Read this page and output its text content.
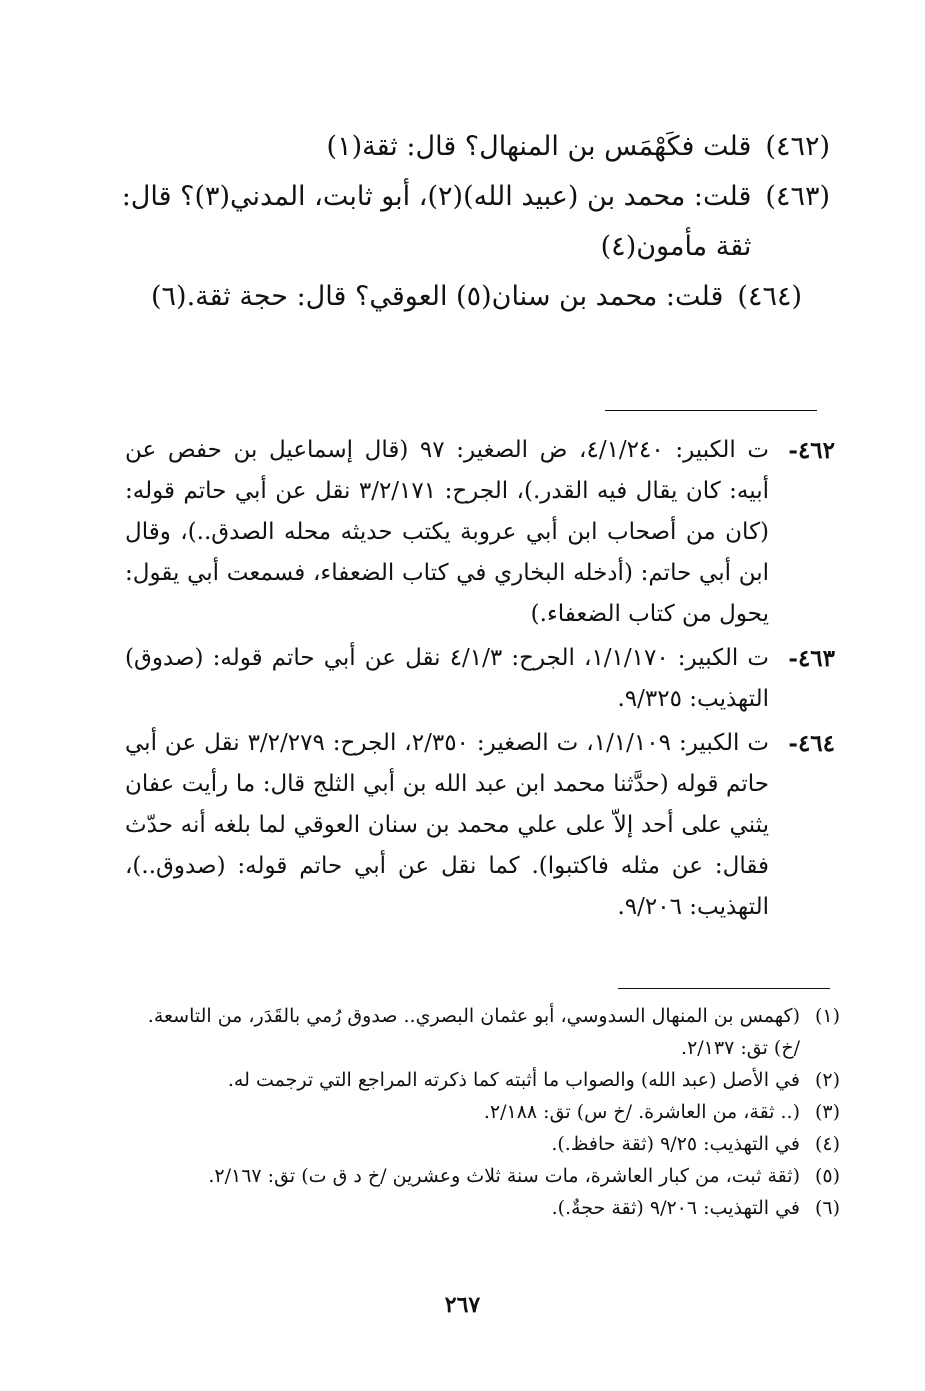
(٤٦٢)
قلت فكَهْمَس بن المنهال؟ قال: ثقة(١)
(٤٦٣)
قلت: محمد بن (عبيد الله)(٢)، أبو ثابت، المدني(٣)؟ قال: ثقة مأمون(٤)
(٤٦٤)
قلت: محمد بن سنان(٥) العوقي؟ قال: حجة ثقة.(٦)
٤٦٢-
ت الكبير: ٤/١/٢٤٠، ض الصغير: ٩٧ (قال إسماعيل بن حفص عن أبيه: كان يقال فيه القدر.)، الجرح: ٣/٢/١٧١ نقل عن أبي حاتم قوله: (كان من أصحاب ابن أبي عروبة يكتب حديثه محله الصدق..)، وقال ابن أبي حاتم: (أدخله البخاري في كتاب الضعفاء، فسمعت أبي يقول: يحول من كتاب الضعفاء.)
٤٦٣-
ت الكبير: ١/١/١٧٠، الجرح: ٤/١/٣ نقل عن أبي حاتم قوله: (صدوق) التهذيب: ٩/٣٢٥.
٤٦٤-
ت الكبير: ١/١/١٠٩، ت الصغير: ٢/٣٥٠، الجرح: ٣/٢/٢٧٩ نقل عن أبي حاتم قوله (حدَّثنا محمد ابن عبد الله بن أبي الثلج قال: ما رأيت عفان يثني على أحد إلاّ على علي محمد بن سنان العوقي لما بلغه أنه حدّث فقال: عن مثله فاكتبوا). كما نقل عن أبي حاتم قوله: (صدوق..)، التهذيب: ٩/٢٠٦.
(١)
(كهمس بن المنهال السدوسي، أبو عثمان البصري.. صدوق رُمي بالقَدَر، من التاسعة. /خ) تق: ٢/١٣٧.
(٢)
في الأصل (عبد الله) والصواب ما أثبته كما ذكرته المراجع التي ترجمت له.
(٣)
(.. ثقة، من العاشرة. /خ س) تق: ٢/١٨٨.
(٤)
في التهذيب: ٩/٢٥ (ثقة حافظ.).
(٥)
(ثقة ثبت، من كبار العاشرة، مات سنة ثلاث وعشرين /خ د ق ت) تق: ٢/١٦٧.
(٦)
في التهذيب: ٩/٢٠٦ (ثقة حجةٌ.).
٢٦٧
